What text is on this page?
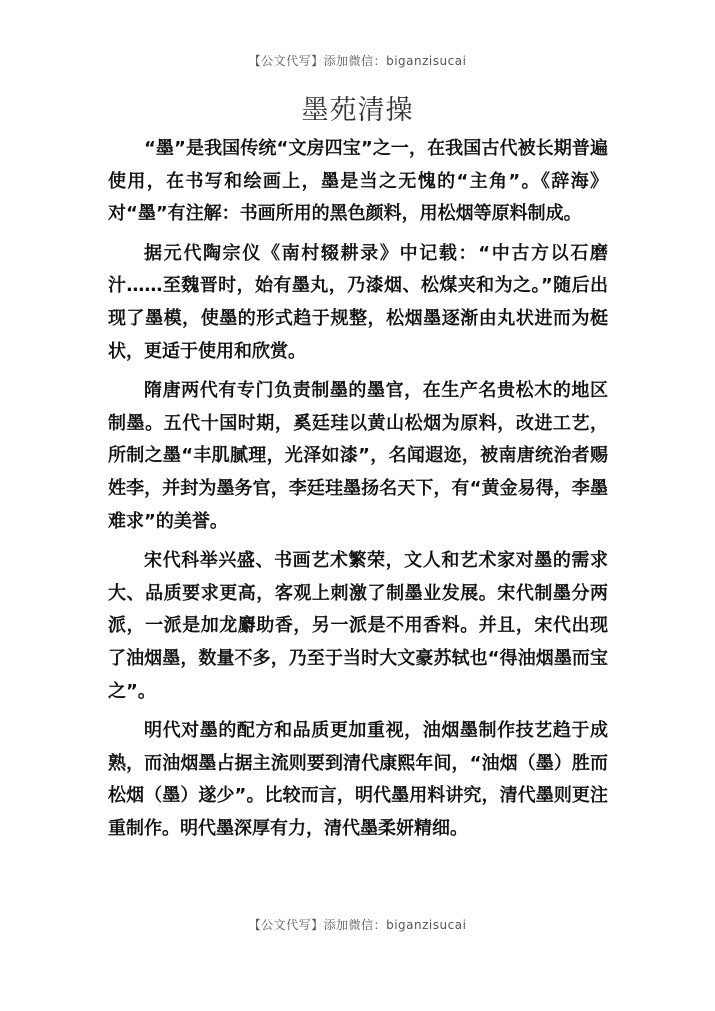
【公文代写】添加微信：biganzisucai
墨苑清操

“墨”是我国传统“文房四宝”之一，在我国古代被长期普遍使用，在书写和绘画上，墨是当之无愧的“主角”。《辞海》对“墨”有注解：书画所用的黑色颜料，用松烟等原料制成。

据元代陶宗仪《南村辍耕录》中记载：“中古方以石磨汁……至魏晋时，始有墨丸，乃漆烟、松煤夹和为之。”随后出现了墨模，使墨的形式趋于规整，松烟墨逐渐由丸状进而为梃状，更适于使用和欣赏。

隋唐两代有专门负责制墨的墨官，在生产名贵松木的地区制墨。五代十国时期，奚廷珪以黄山松烟为原料，改进工艺，所制之墨“丰肌腻理，光泽如漆”，名闻遐迩，被南唐统治者赐姓李，并封为墨务官，李廷珪墨扬名天下，有“黄金易得，李墨难求”的美誉。

宋代科举兴盛、书画艺术繁荣，文人和艺术家对墨的需求大、品质要求更高，客观上刺激了制墨业发展。宋代制墨分两派，一派是加龙麝助香，另一派是不用香料。并且，宋代出现了油烟墨，数量不多，乃至于当时大文豪苏轼也“得油烟墨而宝之”。

明代对墨的配方和品质更加重视，油烟墨制作技艺趋于成熟，而油烟墨占据主流则要到清代康熙年间，“油烟（墨）胜而松烟（墨）遂少”。比较而言，明代墨用料讲究，清代墨则更注重制作。明代墨深厚有力，清代墨柔妍精细。

【公文代写】添加微信：biganzisucai
